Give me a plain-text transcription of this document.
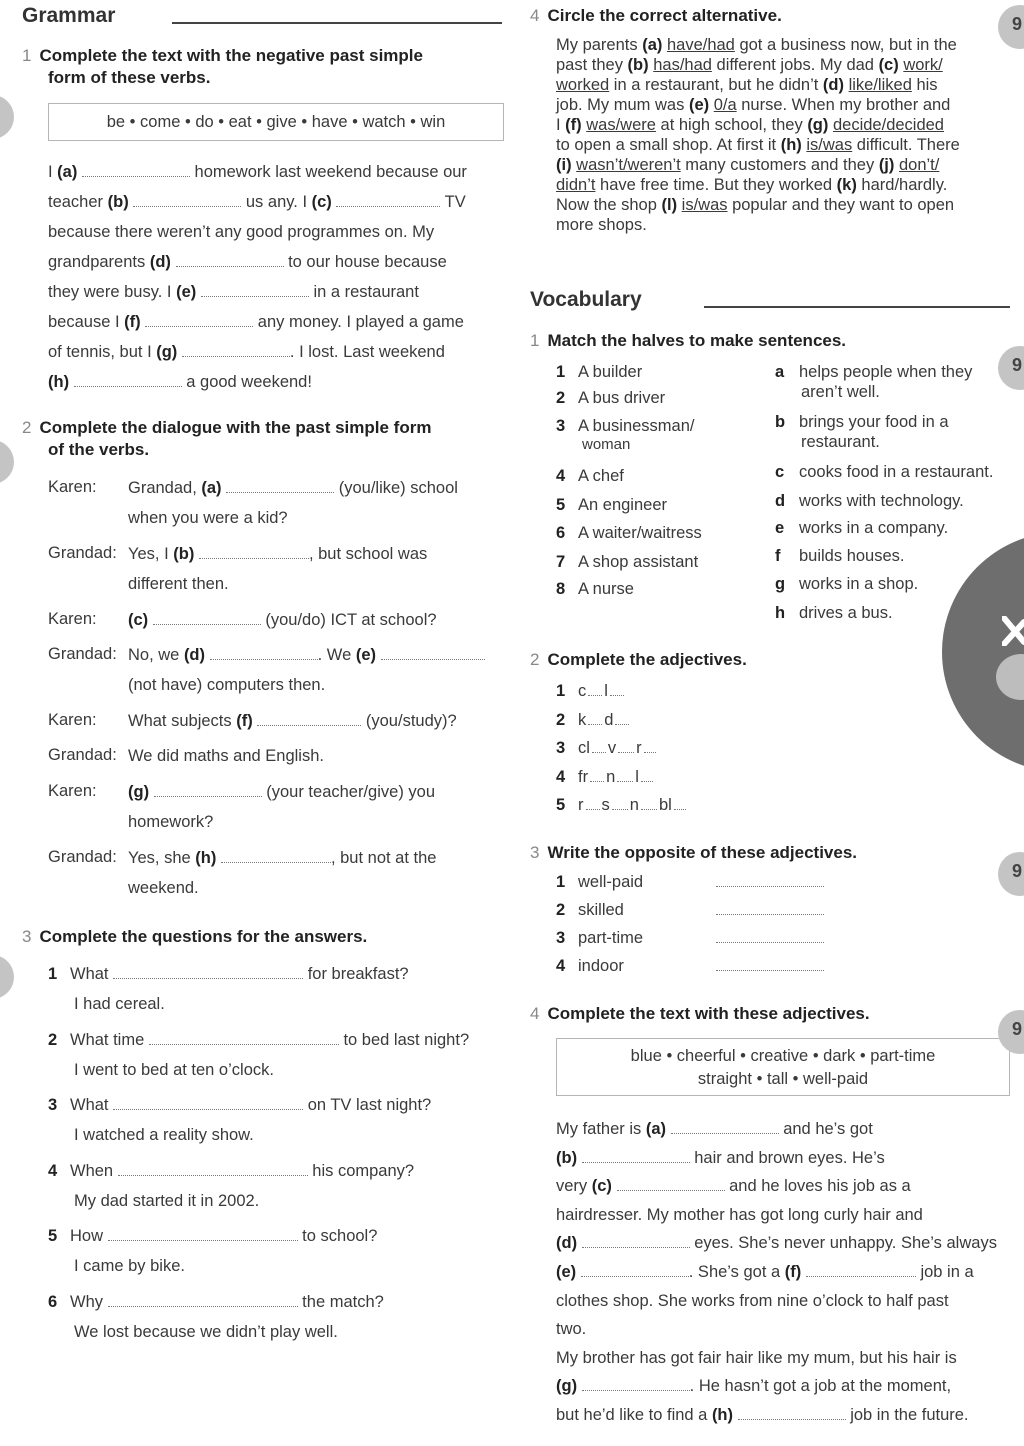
Grammar
1 Complete the text with the negative past simple
form of these verbs.
be • come • do • eat • give • have • watch • win
I (a)	homework last weekend because our
teacher (b)	us any. I (c)	TV
because there weren’t any good programmes on. My
grandparents (d)	to our house because
they were busy. I (e)	in a restaurant
because I (f)	any money. I played a game
of tennis, but I (g)	. I lost. Last weekend
(h)	a good weekend!
2 Complete the dialogue with the past simple form
of the verbs.
Karen: Grandad, (a)	(you/like) school
when you were a kid?
Grandad: Yes, I (b)	, but school was
different then.
Karen: (c)	(you/do) ICT at school?
Grandad: No, we (d)	. We (e)
(not have) computers then.
Karen: What subjects (f)	(you/study)?
Grandad: We did maths and English.
Karen: (g)	(your teacher/give) you
homework?
Grandad: Yes, she (h)	, but not at the
weekend.
3 Complete the questions for the answers.
1 What	for breakfast?
I had cereal.
2 What time	to bed last night?
I went to bed at ten o’clock.
3 What	on TV last night?
I watched a reality show.
4 When	his company?
My dad started it in 2002.
5 How	to school?
I came by bike.
6 Why	the match?
We lost because we didn’t play well.
4 Circle the correct alternative.
My parents (a) have/had got a business now, but in the
past they (b) has/had different jobs. My dad (c) work/
worked in a restaurant, but he didn’t (d) like/liked his
job. My mum was (e) 0/a nurse. When my brother and
I (f) was/were at high school, they (g) decide/decided
to open a small shop. At first it (h) is/was difficult. There
(i) wasn’t/weren’t many customers and they (j) don’t/
didn’t have free time. But they worked (k) hard/hardly.
Now the shop (l) is/was popular and they want to open
more shops.
Vocabulary
1 Match the halves to make sentences.
1 A builder
2 A bus driver
3 A businessman/
woman
4 A chef
5 An engineer
6 A waiter/waitress
7 A shop assistant
8 A nurse
a helps people when they
aren’t well.
b brings your food in a
restaurant.
c cooks food in a restaurant.
d works with technology.
e works in a company.
f builds houses.
g works in a shop.
h drives a bus.
2 Complete the adjectives.
1 c l
2 k d
3 cl v r
4 fr n l
5 r s n bl
3 Write the opposite of these adjectives.
1 well-paid
2 skilled
3 part-time
4 indoor
4 Complete the text with these adjectives.
blue • cheerful • creative • dark • part-time
straight • tall • well-paid
My father is (a)	and he’s got
(b)	hair and brown eyes. He’s
very (c)	and he loves his job as a
hairdresser. My mother has got long curly hair and
(d)	eyes. She’s never unhappy. She’s always
(e)	. She’s got a (f)	job in a
clothes shop. She works from nine o’clock to half past
two.
My brother has got fair hair like my mum, but his hair is
(g)	. He hasn’t got a job at the moment,
but he’d like to find a (h)	job in the future.
9
9
9
9
